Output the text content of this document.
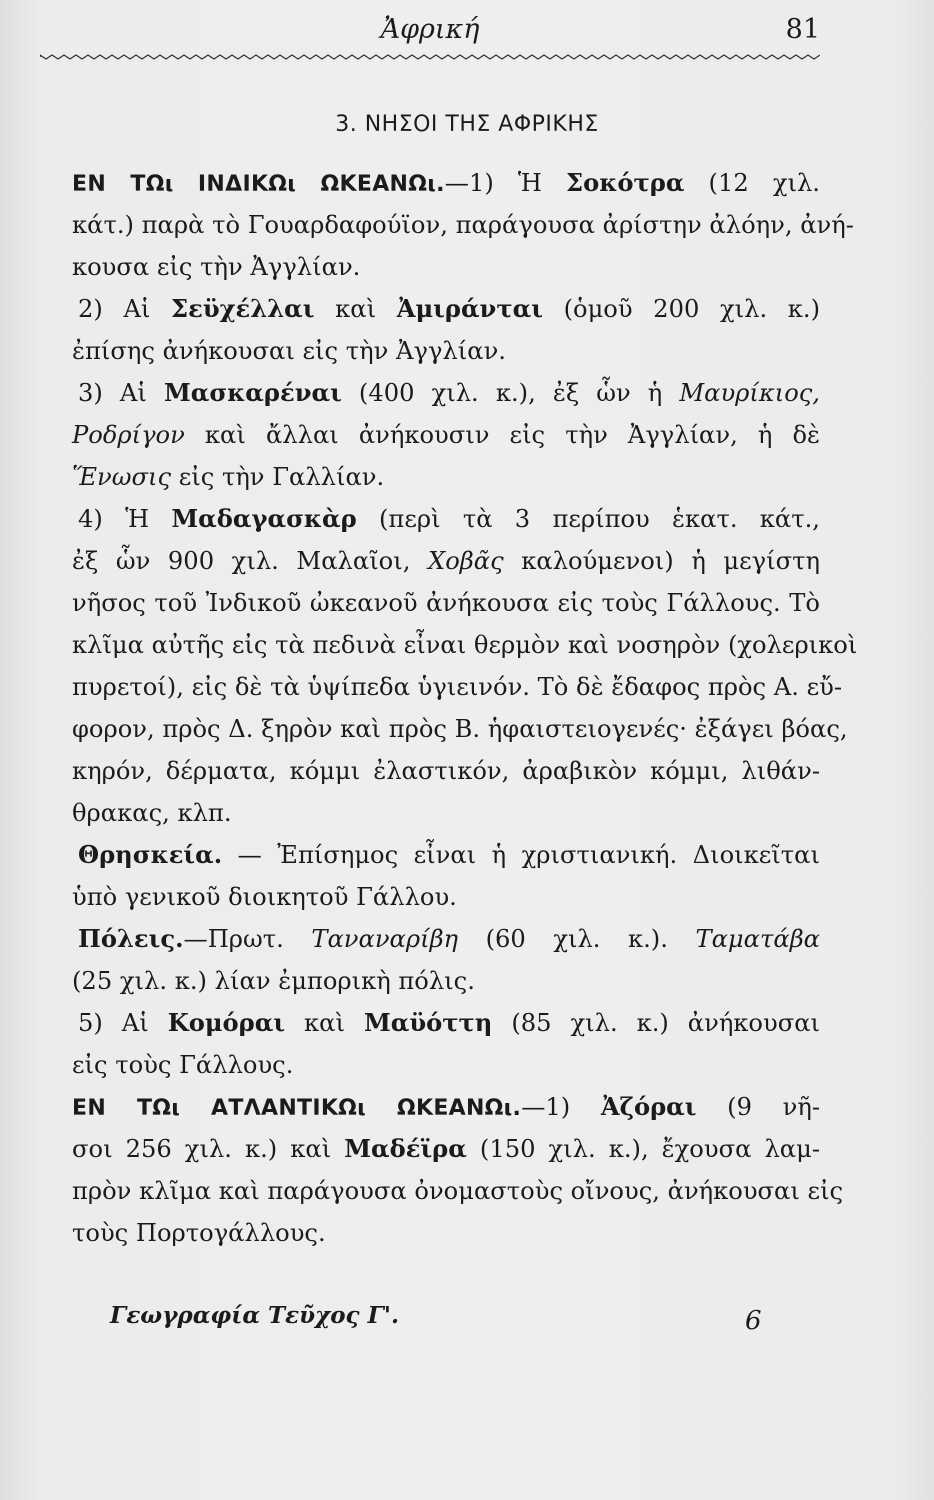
Ἀφρική	81
3. ΝΗΣΟΙ ΤΗΣ ΑΦΡΙΚΗΣ
ΕΝ ΤΩι ΙΝΔΙΚΩι ΩΚΕΑΝΩι.—1) Ἡ Σοκότρα (12 χιλ.
κάτ.) παρὰ τὸ Γουαρδαφούϊον, παράγουσα ἀρίστην ἀλόην, ἀνή-
κουσα εἰς τὴν Ἀγγλίαν.
2) Αἱ Σεϋχέλλαι καὶ Ἀμιράνται (ὁμοῦ 200 χιλ. κ.)
ἐπίσης ἀνήκουσαι εἰς τὴν Ἀγγλίαν.
3) Αἱ Μασκαρέναι (400 χιλ. κ.), ἐξ ὧν ἡ Μαυρίκιος,
Ροδρίγον καὶ ἄλλαι ἀνήκουσιν εἰς τὴν Ἀγγλίαν, ἡ δὲ
Ἕνωσις εἰς τὴν Γαλλίαν.
4) Ἡ Μαδαγασκὰρ (περὶ τὰ 3 περίπου ἑκατ. κάτ.,
ἐξ ὧν 900 χιλ. Μαλαῖοι, Χοβᾶς καλούμενοι) ἡ μεγίστη
νῆσος τοῦ Ἰνδικοῦ ὠκεανοῦ ἀνήκουσα εἰς τοὺς Γάλλους. Τὸ
κλῖμα αὐτῆς εἰς τὰ πεδινὰ εἶναι θερμὸν καὶ νοσηρὸν (χολερικοὶ
πυρετοί), εἰς δὲ τὰ ὑψίπεδα ὑγιεινόν. Τὸ δὲ ἔδαφος πρὸς Α. εὔ-
φορον, πρὸς Δ. ξηρὸν καὶ πρὸς Β. ἡφαιστειογενές· ἐξάγει βόας,
κηρόν, δέρματα, κόμμι ἐλαστικόν, ἀραβικὸν κόμμι, λιθάν-
θρακας, κλπ.
Θρησκεία. — Ἐπίσημος εἶναι ἡ χριστιανική. Διοικεῖται
ὑπὸ γενικοῦ διοικητοῦ Γάλλου.
Πόλεις.—Πρωτ. Ταναναρίβη (60 χιλ. κ.). Ταματάβα
(25 χιλ. κ.) λίαν ἐμπορικὴ πόλις.
5) Αἱ Κομόραι καὶ Μαϋόττη (85 χιλ. κ.) ἀνήκουσαι
εἰς τοὺς Γάλλους.
ΕΝ ΤΩι ΑΤΛΑΝΤΙΚΩι ΩΚΕΑΝΩι.—1) Ἀζόραι (9 νῆ-
σοι 256 χιλ. κ.) καὶ Μαδέϊρα (150 χιλ. κ.), ἔχουσα λαμ-
πρὸν κλῖμα καὶ παράγουσα ὀνομαστοὺς οἴνους, ἀνήκουσαι εἰς
τοὺς Πορτογάλλους.
Γεωγραφία Τεῦχος Γ'.	6
